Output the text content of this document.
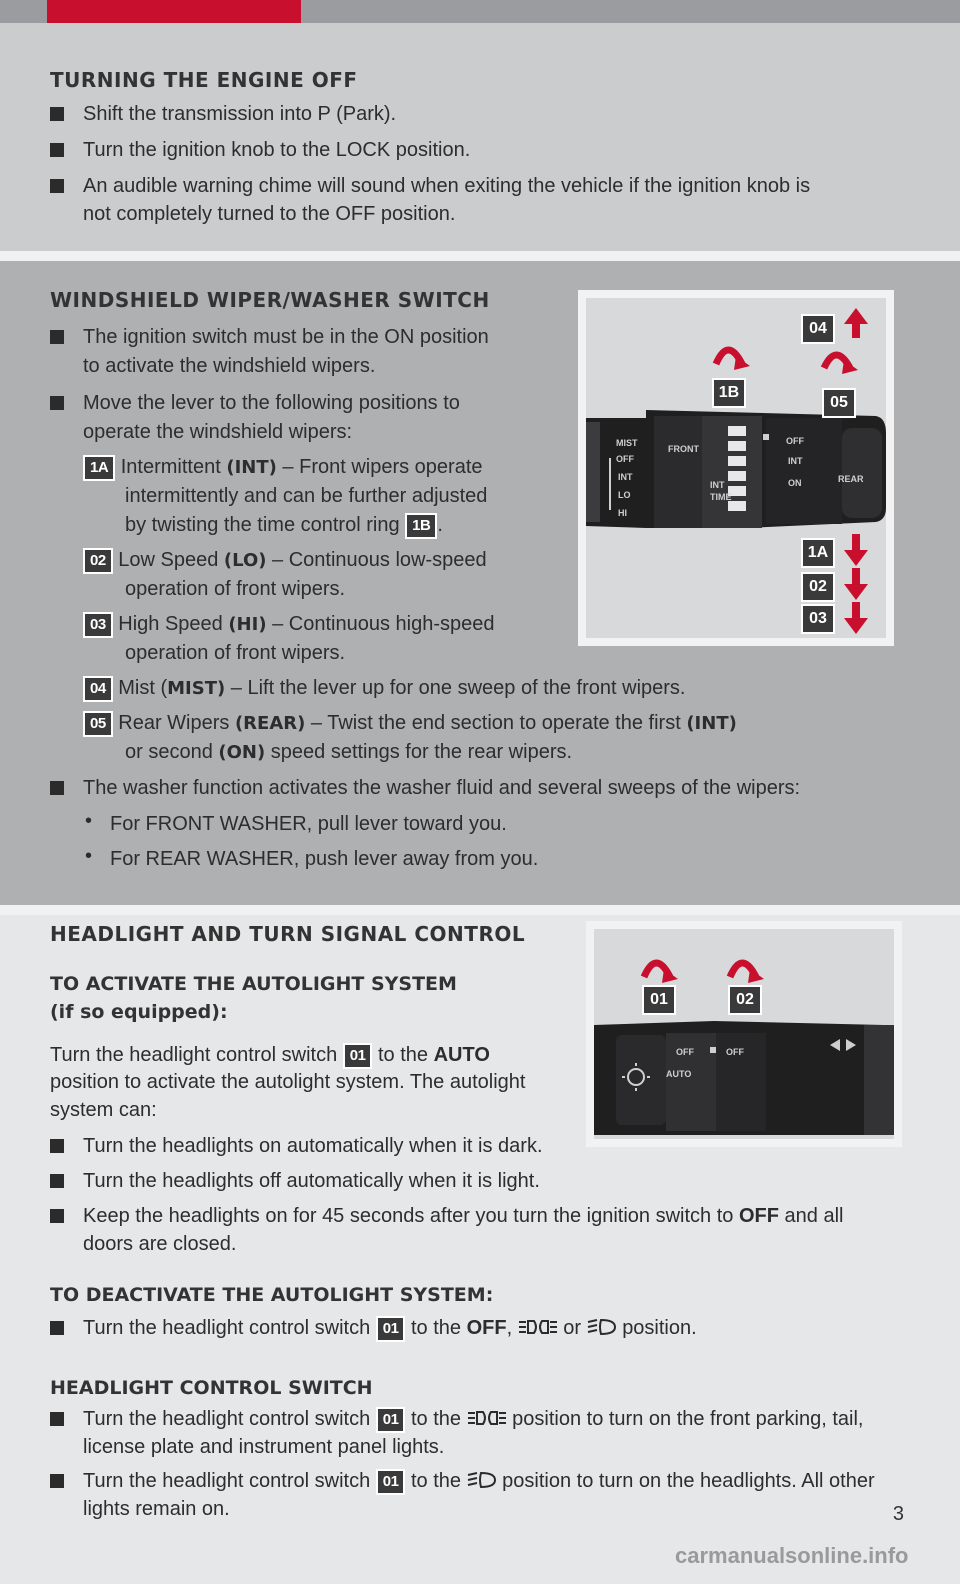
TURNING THE ENGINE OFF
Shift the transmission into P (Park).
Turn the ignition knob to the LOCK position.
An audible warning chime will sound when exiting the vehicle if the ignition knob is
not completely turned to the OFF position.
WINDSHIELD WIPER/WASHER SWITCH
The ignition switch must be in the ON position
to activate the windshield wipers.
Move the lever to the following positions to
operate the windshield wipers:
1A Intermittent (INT) – Front wipers operate
intermittently and can be further adjusted
by twisting the time control ring 1B .
02 Low Speed (LO) – Continuous low-speed
operation of front wipers.
03 High Speed (HI) – Continuous high-speed
operation of front wipers.
04 Mist (MIST) – Lift the lever up for one sweep of the front wipers.
05 Rear Wipers (REAR) – Twist the end section to operate the first (INT)
or second (ON) speed settings for the rear wipers.
The washer function activates the washer fluid and several sweeps of the wipers:
• For FRONT WASHER, pull lever toward you.
• For REAR WASHER, push lever away from you.
MIST
OFF
INT
LO
HI
FRONT
INT
TIME
OFF
INT
ON	REAR
1B
04
05
1A
02
03
HEADLIGHT AND TURN SIGNAL CONTROL
TO ACTIVATE THE AUTOLIGHT SYSTEM
(if so equipped):
Turn the headlight control switch 01 to the AUTO
position to activate the autolight system. The autolight
system can:
Turn the headlights on automatically when it is dark.
Turn the headlights off automatically when it is light.
Keep the headlights on for 45 seconds after you turn the ignition switch to OFF and all
doors are closed.
TO DEACTIVATE THE AUTOLIGHT SYSTEM:
Turn the headlight control switch 01 to the OFF,  or  position.
HEADLIGHT CONTROL SWITCH
Turn the headlight control switch 01 to the  position to turn on the front parking, tail,
license plate and instrument panel lights.
Turn the headlight control switch 01 to the  position to turn on the headlights. All other
lights remain on.
OFF	OFF
AUTO
01	02
3
carmanualsonline.info
